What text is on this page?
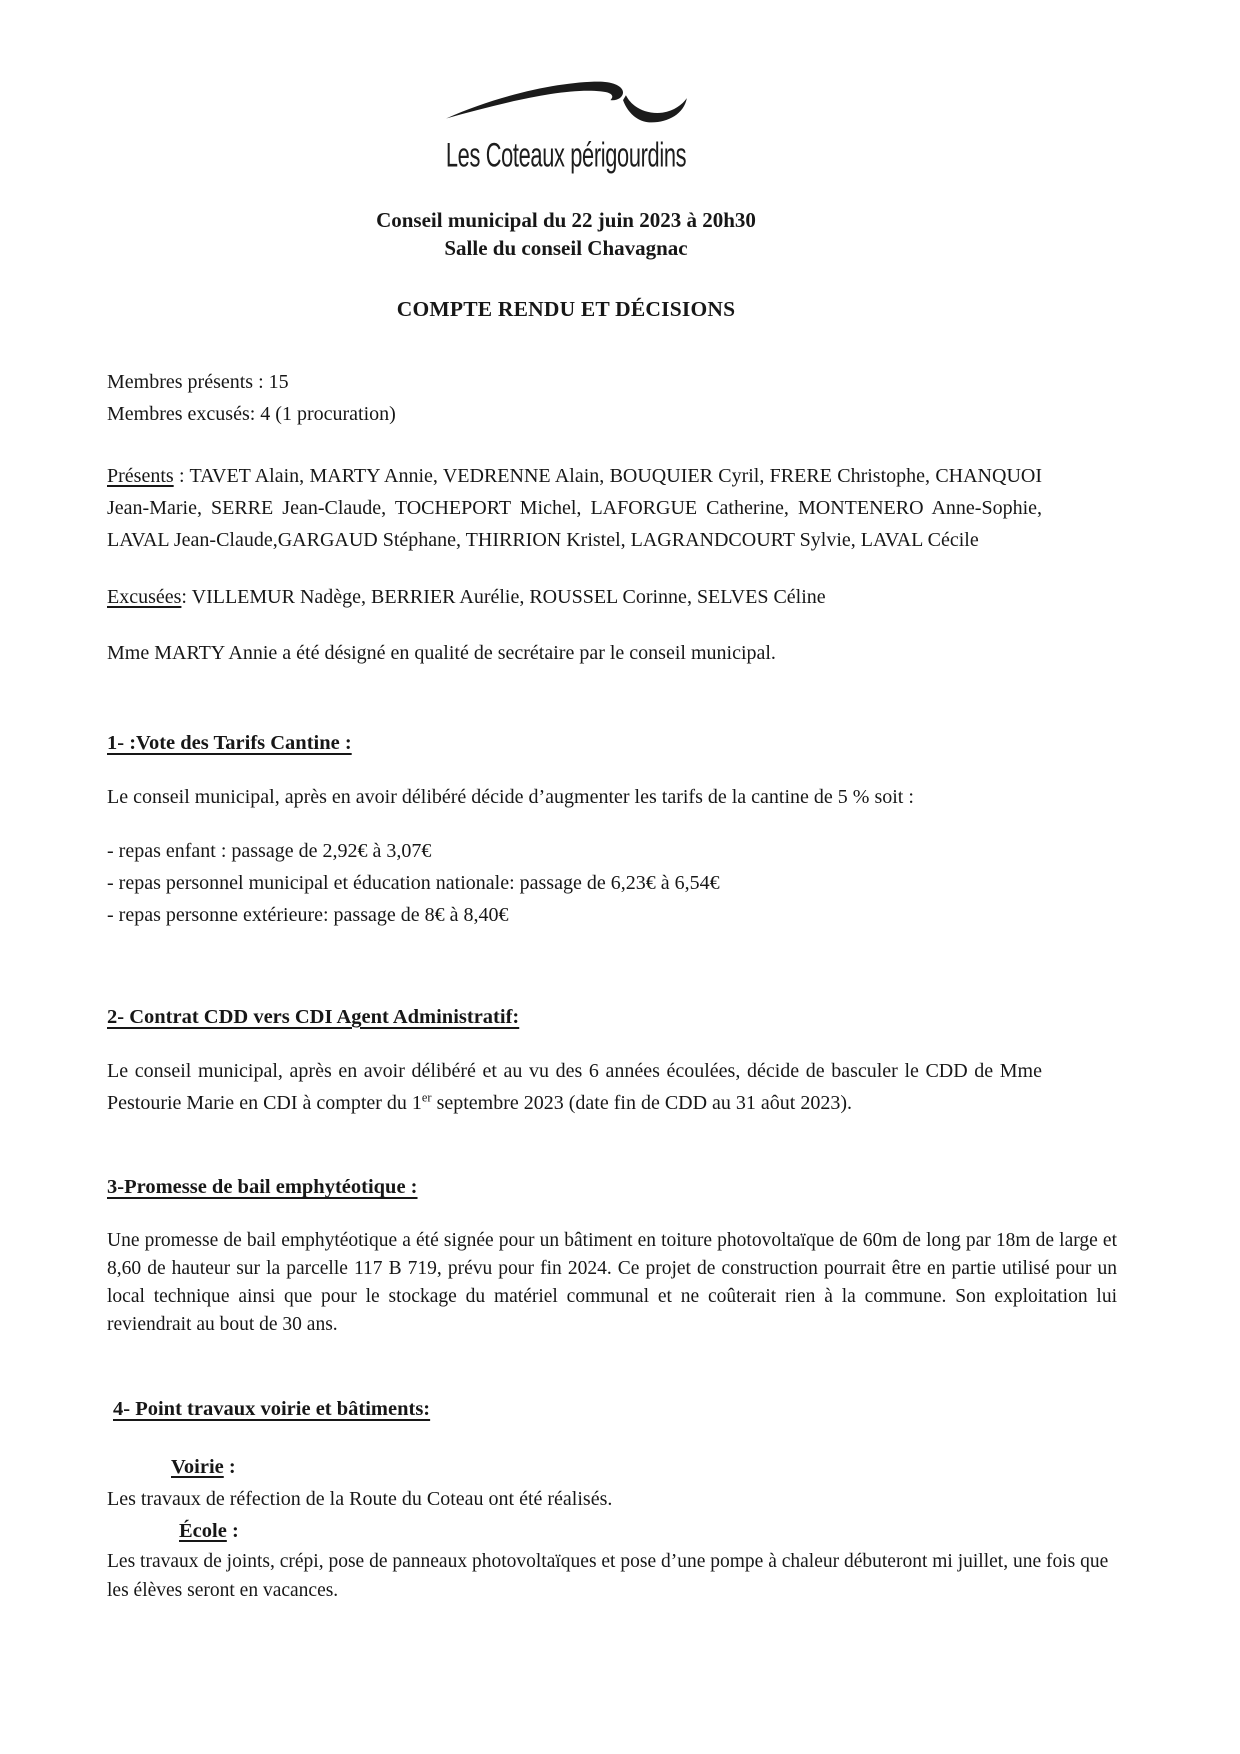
Les Coteaux périgourdins
Conseil municipal du 22 juin 2023 à 20h30
Salle du conseil Chavagnac
COMPTE RENDU ET DÉCISIONS
Membres présents : 15
Membres excusés: 4 (1 procuration)

Présents : TAVET Alain, MARTY Annie, VEDRENNE Alain, BOUQUIER Cyril, FRERE Christophe, CHANQUOI Jean-Marie, SERRE Jean-Claude, TOCHEPORT Michel, LAFORGUE Catherine, MONTENERO Anne-Sophie, LAVAL Jean-Claude,GARGAUD Stéphane, THIRRION Kristel, LAGRANDCOURT Sylvie, LAVAL Cécile

Excusées: VILLEMUR Nadège, BERRIER Aurélie, ROUSSEL Corinne, SELVES Céline

Mme MARTY Annie a été désigné en qualité de secrétaire par le conseil municipal.

1- :Vote des Tarifs Cantine :

Le conseil municipal, après en avoir délibéré décide d’augmenter les tarifs de la cantine de 5 % soit :

- repas enfant : passage de 2,92€ à 3,07€
- repas personnel municipal et éducation nationale: passage de 6,23€ à 6,54€
- repas personne extérieure: passage de 8€ à 8,40€
2- Contrat CDD vers CDI Agent Administratif:

Le conseil municipal, après en avoir délibéré et au vu des 6 années écoulées, décide de basculer le CDD de Mme Pestourie Marie en CDI à compter du 1er septembre 2023 (date fin de CDD au 31 aôut 2023).

3-Promesse de bail emphytéotique :

Une promesse de bail emphytéotique a été signée pour un bâtiment en toiture photovoltaïque de 60m de long par 18m de large et 8,60 de hauteur sur la parcelle 117 B 719, prévu pour fin 2024. Ce projet de construction pourrait être en partie utilisé pour un local technique ainsi que pour le stockage du matériel communal et ne coûterait rien à la commune. Son exploitation lui reviendrait au bout de 30 ans.

4- Point travaux voirie et bâtiments:
Voirie :

Les travaux de réfection de la Route du Coteau ont été réalisés.

École :

Les travaux de joints, crépi, pose de panneaux photovoltaïques et pose d’une pompe à chaleur débuteront mi juillet, une fois que les élèves seront en vacances.
